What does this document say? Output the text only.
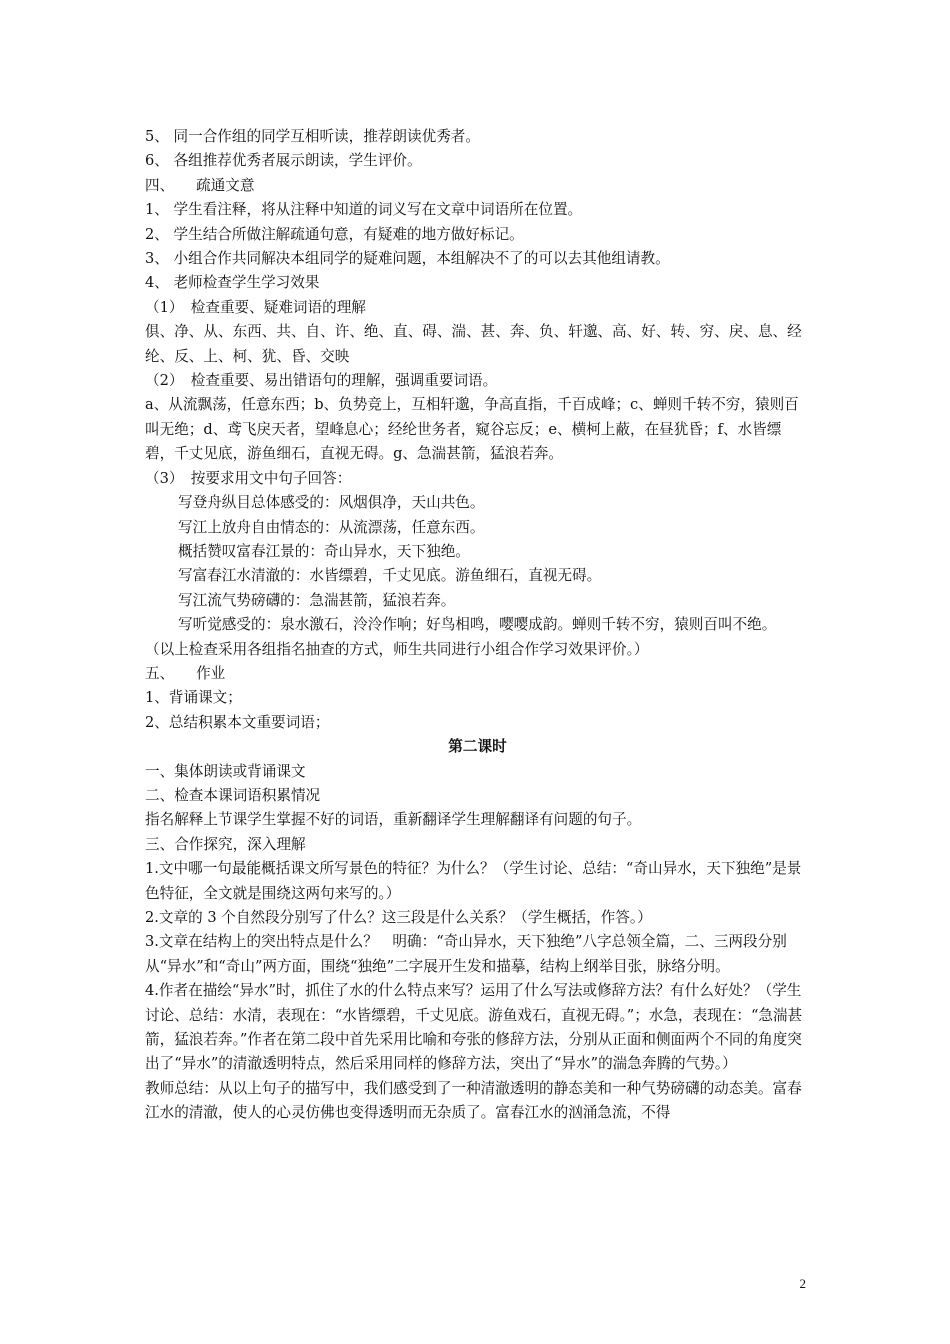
5、 同一合作组的同学互相听读，推荐朗读优秀者。

6、 各组推荐优秀者展示朗读，学生评价。

四、　　疏通文意

1、 学生看注释，将从注释中知道的词义写在文章中词语所在位置。

2、 学生结合所做注解疏通句意，有疑难的地方做好标记。

3、 小组合作共同解决本组同学的疑难问题，本组解决不了的可以去其他组请教。

4、 老师检查学生学习效果

（1）　检查重要、疑难词语的理解

俱、净、从、东西、共、自、许、绝、直、碍、湍、甚、奔、负、轩邈、高、好、转、穷、戾、息、经纶、反、上、柯、犹、昏、交映

（2）　检查重要、易出错语句的理解，强调重要词语。

a、从流飘荡，任意东西；b、负势竞上，互相轩邈，争高直指，千百成峰；c、蝉则千转不穷，猿则百叫无绝；d、鸢飞戾天者，望峰息心；经纶世务者，窥谷忘反；e、横柯上蔽，在昼犹昏；f、水皆缥碧，千丈见底，游鱼细石，直视无碍。g、急湍甚箭，猛浪若奔。

（3）　按要求用文中句子回答：

写登舟纵目总体感受的：风烟俱净，天山共色。

写江上放舟自由情态的：从流漂荡，任意东西。

概括赞叹富春江景的：奇山异水，天下独绝。

写富春江水清澈的：水皆缥碧，千丈见底。游鱼细石，直视无碍。

写江流气势磅礴的：急湍甚箭，猛浪若奔。

写听觉感受的：泉水激石，泠泠作响；好鸟相鸣，嘤嘤成韵。蝉则千转不穷，猿则百叫不绝。

（以上检查采用各组指名抽查的方式，师生共同进行小组合作学习效果评价。）

五、　　作业

1、背诵课文；

2、总结积累本文重要词语；

第二课时

一、集体朗读或背诵课文

二、检查本课词语积累情况

指名解释上节课学生掌握不好的词语，重新翻译学生理解翻译有问题的句子。

三、合作探究，深入理解

1.文中哪一句最能概括课文所写景色的特征？为什么？（学生讨论、总结：“奇山异水，天下独绝”是景色特征，全文就是围绕这两句来写的。）

2.文章的 3 个自然段分别写了什么？这三段是什么关系？（学生概括，作答。）

3.文章在结构上的突出特点是什么？　明确：“奇山异水，天下独绝”八字总领全篇，二、三两段分别从“异水”和“奇山”两方面，围绕“独绝”二字展开生发和描摹，结构上纲举目张，脉络分明。

4.作者在描绘“异水”时，抓住了水的什么特点来写？运用了什么写法或修辞方法？有什么好处？（学生讨论、总结：水清，表现在：“水皆缥碧，千丈见底。游鱼戏石，直视无碍。”；水急，表现在：“急湍甚箭，猛浪若奔。”作者在第二段中首先采用比喻和夸张的修辞方法，分别从正面和侧面两个不同的角度突出了“异水”的清澈透明特点，然后采用同样的修辞方法，突出了“异水”的湍急奔腾的气势。）

教师总结：从以上句子的描写中，我们感受到了一种清澈透明的静态美和一种气势磅礴的动态美。富春江水的清澈，使人的心灵仿佛也变得透明而无杂质了。富春江水的汹涌急流，不得

2
